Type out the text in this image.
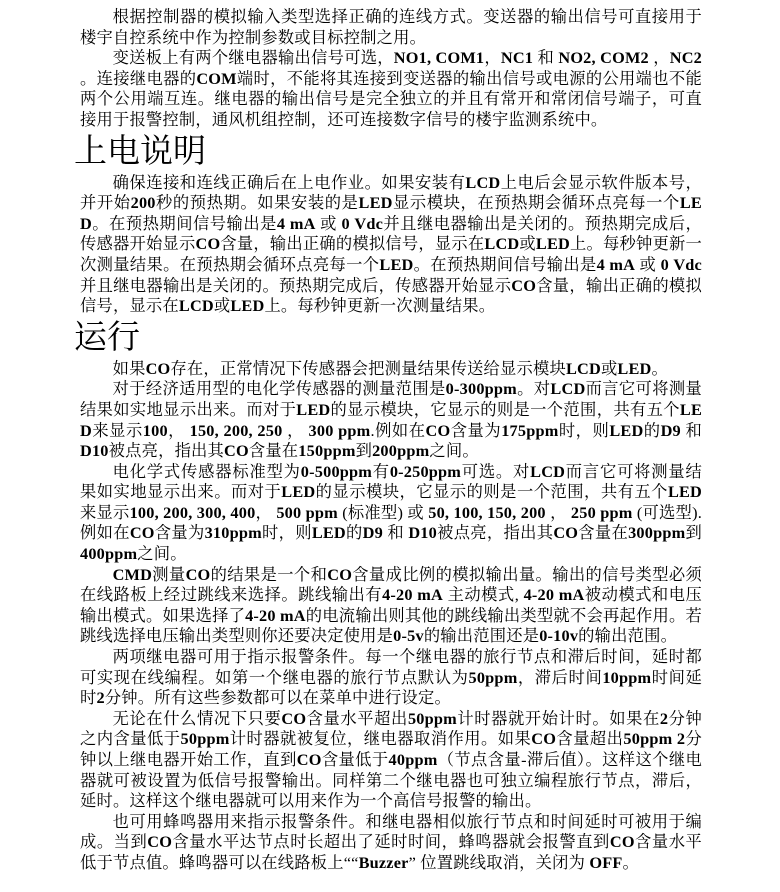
根据控制器的模拟输入类型选择正确的连线方式。变送器的输出信号可直接用于楼宇自控系统中作为控制参数或目标控制之用。

变送板上有两个继电器输出信号可选，NO1, COM1，NC1 和 NO2, COM2 ，NC2 。连接继电器的COM端时，不能将其连接到变送器的输出信号或电源的公用端也不能两个公用端互连。继电器的输出信号是完全独立的并且有常开和常闭信号端子，可直接用于报警控制，通风机组控制，还可连接数字信号的楼宇监测系统中。

上电说明

确保连接和连线正确后在上电作业。如果安装有LCD上电后会显示软件版本号，并开始200秒的预热期。如果安装的是LED显示模块，在预热期会循环点亮每一个LED。在预热期间信号输出是4 mA 或 0 Vdc并且继电器输出是关闭的。预热期完成后，传感器开始显示CO含量，输出正确的模拟信号，显示在LCD或LED上。每秒钟更新一次测量结果。在预热期会循环点亮每一个LED。在预热期间信号输出是4 mA 或 0 Vdc并且继电器输出是关闭的。预热期完成后，传感器开始显示CO含量，输出正确的模拟信号，显示在LCD或LED上。每秒钟更新一次测量结果。

运行

如果CO存在，正常情况下传感器会把测量结果传送给显示模块LCD或LED。

对于经济适用型的电化学传感器的测量范围是0-300ppm。对LCD而言它可将测量结果如实地显示出来。而对于LED的显示模块，它显示的则是一个范围，共有五个LED来显示100， 150, 200, 250 ， 300 ppm.例如在CO含量为175ppm时，则LED的D9 和 D10被点亮，指出其CO含量在150ppm到200ppm之间。

电化学式传感器标准型为0-500ppm有0-250ppm可选。对LCD而言它可将测量结果如实地显示出来。而对于LED的显示模块，它显示的则是一个范围，共有五个LED来显示100, 200, 300, 400， 500 ppm (标准型) 或 50, 100, 150, 200 ， 250 ppm (可选型).例如在CO含量为310ppm时，则LED的D9 和 D10被点亮，指出其CO含量在300ppm到400ppm之间。

CMD测量CO的结果是一个和CO含量成比例的模拟输出量。输出的信号类型必须在线路板上经过跳线来选择。跳线输出有4-20 mA 主动模式, 4-20 mA被动模式和电压输出模式。如果选择了4-20 mA的电流输出则其他的跳线输出类型就不会再起作用。若跳线选择电压输出类型则你还要决定使用是0-5v的输出范围还是0-10v的输出范围。

两项继电器可用于指示报警条件。每一个继电器的旅行节点和滞后时间，延时都可实现在线编程。如第一个继电器的旅行节点默认为50ppm，滞后时间10ppm时间延时2分钟。所有这些参数都可以在菜单中进行设定。

无论在什么情况下只要CO含量水平超出50ppm计时器就开始计时。如果在2分钟之内含量低于50ppm计时器就被复位，继电器取消作用。如果CO含量超出50ppm 2分钟以上继电器开始工作，直到CO含量低于40ppm（节点含量-滞后值）。这样这个继电器就可被设置为低信号报警输出。同样第二个继电器也可独立编程旅行节点，滞后，延时。这样这个继电器就可以用来作为一个高信号报警的输出。

也可用蜂鸣器用来指示报警条件。和继电器相似旅行节点和时间延时可被用于编成。当到CO含量水平达节点时长超出了延时时间，蜂鸣器就会报警直到CO含量水平低于节点值。蜂鸣器可以在线路板上““Buzzer” 位置跳线取消，关闭为 OFF。
